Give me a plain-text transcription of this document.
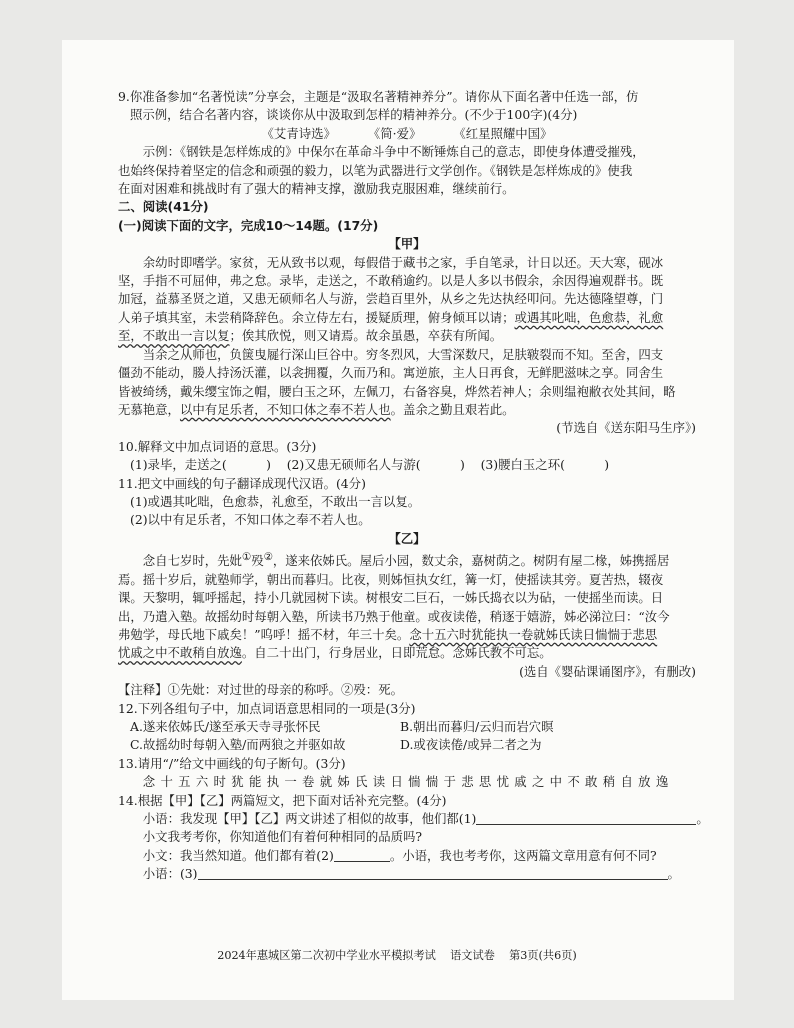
9.你准备参加“名著悦读”分享会，主题是“汲取名著精神养分”。请你从下面名著中任选一部，仿

照示例，结合名著内容，谈谈你从中汲取到怎样的精神养分。(不少于100字)(4分)

《艾青诗选》	《简·爱》	《红星照耀中国》

示例：《钢铁是怎样炼成的》中保尔在革命斗争中不断锤炼自己的意志，即使身体遭受摧残，

也始终保持着坚定的信念和顽强的毅力，以笔为武器进行文学创作。《钢铁是怎样炼成的》使我

在面对困难和挑战时有了强大的精神支撑，激励我克服困难，继续前行。

二、阅读(41分)

(一)阅读下面的文字，完成10～14题。(17分)

【甲】

余幼时即嗜学。家贫，无从致书以观，每假借于藏书之家，手自笔录，计日以还。天大寒，砚冰

坚，手指不可屈伸，弗之怠。录毕，走送之，不敢稍逾约。以是人多以书假余，余因得遍观群书。既

加冠，益慕圣贤之道，又患无硕师名人与游，尝趋百里外，从乡之先达执经叩问。先达德隆望尊，门

人弟子填其室，未尝稍降辞色。余立侍左右，援疑质理，俯身倾耳以请；或遇其叱咄，色愈恭，礼愈

至，不敢出一言以复；俟其欣悦，则又请焉。故余虽愚，卒获有所闻。

当余之从师也，负箧曳屣行深山巨谷中。穷冬烈风，大雪深数尺，足肤皲裂而不知。至舍，四支

僵劲不能动，媵人持汤沃灌，以衾拥覆，久而乃和。寓逆旅，主人日再食，无鲜肥滋味之享。同舍生

皆被绮绣，戴朱缨宝饰之帽，腰白玉之环，左佩刀，右备容臭，烨然若神人；余则缊袍敝衣处其间，略

无慕艳意，以中有足乐者，不知口体之奉不若人也。盖余之勤且艰若此。

(节选自《送东阳马生序》)

10.解释文中加点词语的意思。(3分)

(1)录毕，走送之(          )    (2)又患无硕师名人与游(          )    (3)腰白玉之环(          )

11.把文中画线的句子翻译成现代汉语。(4分)

(1)或遇其叱咄，色愈恭，礼愈至，不敢出一言以复。

(2)以中有足乐者，不知口体之奉不若人也。

【乙】

念自七岁时，先妣①殁②，遂来依姊氏。屋后小园，数丈余，嘉树荫之。树阴有屋二椽，姊携摇居

焉。摇十岁后，就塾师学，朝出而暮归。比夜，则姊恒执女红，篝一灯，使摇读其旁。夏苦热，辍夜

课。天黎明，辄呼摇起，持小几就园树下读。树根安二巨石，一姊氏捣衣以为砧，一使摇坐而读。日

出，乃遣入塾。故摇幼时每朝入塾，所读书乃熟于他童。或夜读倦，稍逐于嬉游，姊必涕泣曰：“汝今

弗勉学，母氏地下戚矣！”呜呼！摇不材，年三十矣。念十五六时犹能执一卷就姊氏读日惴惴于悲思

忧戚之中不敢稍自放逸。自二十出门，行身居业，日即荒怠。念姊氏教不可忘。

(选自《婴砧课诵图序》，有删改)

【注释】①先妣：对过世的母亲的称呼。②殁：死。

12.下列各组句子中，加点词语意思相同的一项是(3分)

A.遂来依姊氏/遂至承天寺寻张怀民	B.朝出而暮归/云归而岩穴暝

C.故摇幼时每朝入塾/而两狼之并驱如故	D.或夜读倦/或异二者之为

13.请用“/”给文中画线的句子断句。(3分)

念十五六时犹能执一卷就姊氏读日惴惴于悲思忧戚之中不敢稍自放逸

14.根据【甲】【乙】两篇短文，把下面对话补充完整。(4分)

小语：我发现【甲】【乙】两文讲述了相似的故事，他们都(1)	。

小文我考考你，你知道他们有着何种相同的品质吗?

小文：我当然知道。他们都有着(2)	。小语，我也考考你，这两篇文章用意有何不同?

小语：(3)	。

2024年惠城区第二次初中学业水平模拟考试    语文试卷    第3页(共6页)
